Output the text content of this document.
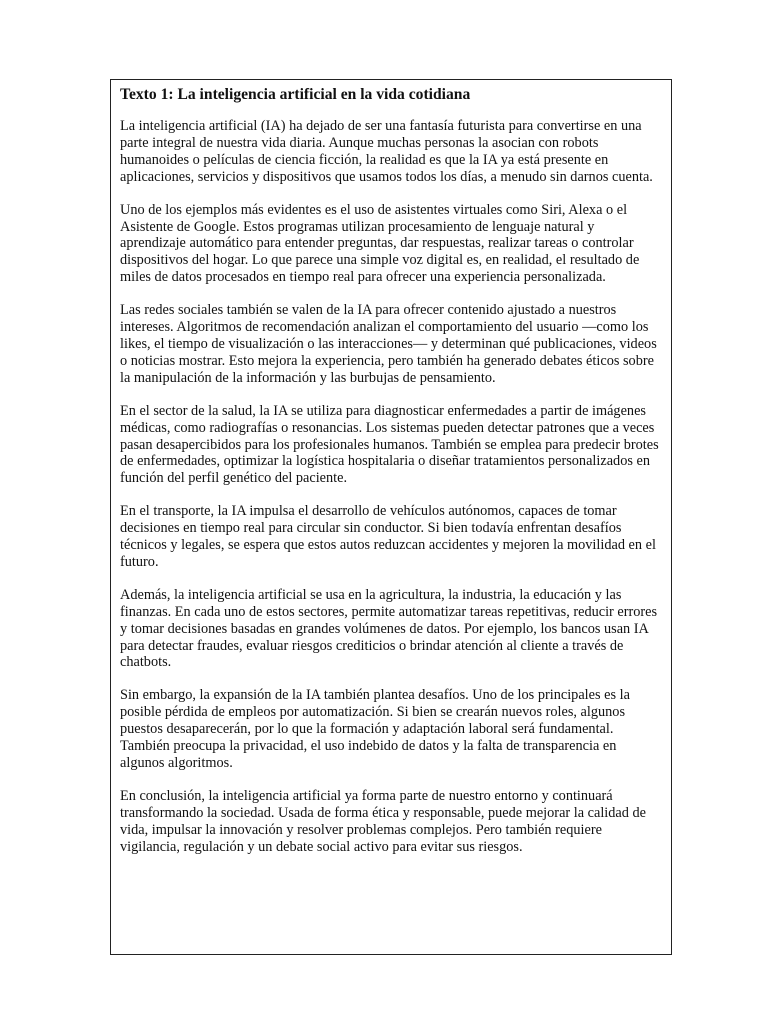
Texto 1: La inteligencia artificial en la vida cotidiana

La inteligencia artificial (IA) ha dejado de ser una fantasía futurista para convertirse en una parte integral de nuestra vida diaria. Aunque muchas personas la asocian con robots humanoides o películas de ciencia ficción, la realidad es que la IA ya está presente en aplicaciones, servicios y dispositivos que usamos todos los días, a menudo sin darnos cuenta.

Uno de los ejemplos más evidentes es el uso de asistentes virtuales como Siri, Alexa o el Asistente de Google. Estos programas utilizan procesamiento de lenguaje natural y aprendizaje automático para entender preguntas, dar respuestas, realizar tareas o controlar dispositivos del hogar. Lo que parece una simple voz digital es, en realidad, el resultado de miles de datos procesados en tiempo real para ofrecer una experiencia personalizada.

Las redes sociales también se valen de la IA para ofrecer contenido ajustado a nuestros intereses. Algoritmos de recomendación analizan el comportamiento del usuario —como los likes, el tiempo de visualización o las interacciones— y determinan qué publicaciones, videos o noticias mostrar. Esto mejora la experiencia, pero también ha generado debates éticos sobre la manipulación de la información y las burbujas de pensamiento.

En el sector de la salud, la IA se utiliza para diagnosticar enfermedades a partir de imágenes médicas, como radiografías o resonancias. Los sistemas pueden detectar patrones que a veces pasan desapercibidos para los profesionales humanos. También se emplea para predecir brotes de enfermedades, optimizar la logística hospitalaria o diseñar tratamientos personalizados en función del perfil genético del paciente.

En el transporte, la IA impulsa el desarrollo de vehículos autónomos, capaces de tomar decisiones en tiempo real para circular sin conductor. Si bien todavía enfrentan desafíos técnicos y legales, se espera que estos autos reduzcan accidentes y mejoren la movilidad en el futuro.

Además, la inteligencia artificial se usa en la agricultura, la industria, la educación y las finanzas. En cada uno de estos sectores, permite automatizar tareas repetitivas, reducir errores y tomar decisiones basadas en grandes volúmenes de datos. Por ejemplo, los bancos usan IA para detectar fraudes, evaluar riesgos crediticios o brindar atención al cliente a través de chatbots.

Sin embargo, la expansión de la IA también plantea desafíos. Uno de los principales es la posible pérdida de empleos por automatización. Si bien se crearán nuevos roles, algunos puestos desaparecerán, por lo que la formación y adaptación laboral será fundamental. También preocupa la privacidad, el uso indebido de datos y la falta de transparencia en algunos algoritmos.

En conclusión, la inteligencia artificial ya forma parte de nuestro entorno y continuará transformando la sociedad. Usada de forma ética y responsable, puede mejorar la calidad de vida, impulsar la innovación y resolver problemas complejos. Pero también requiere vigilancia, regulación y un debate social activo para evitar sus riesgos.
